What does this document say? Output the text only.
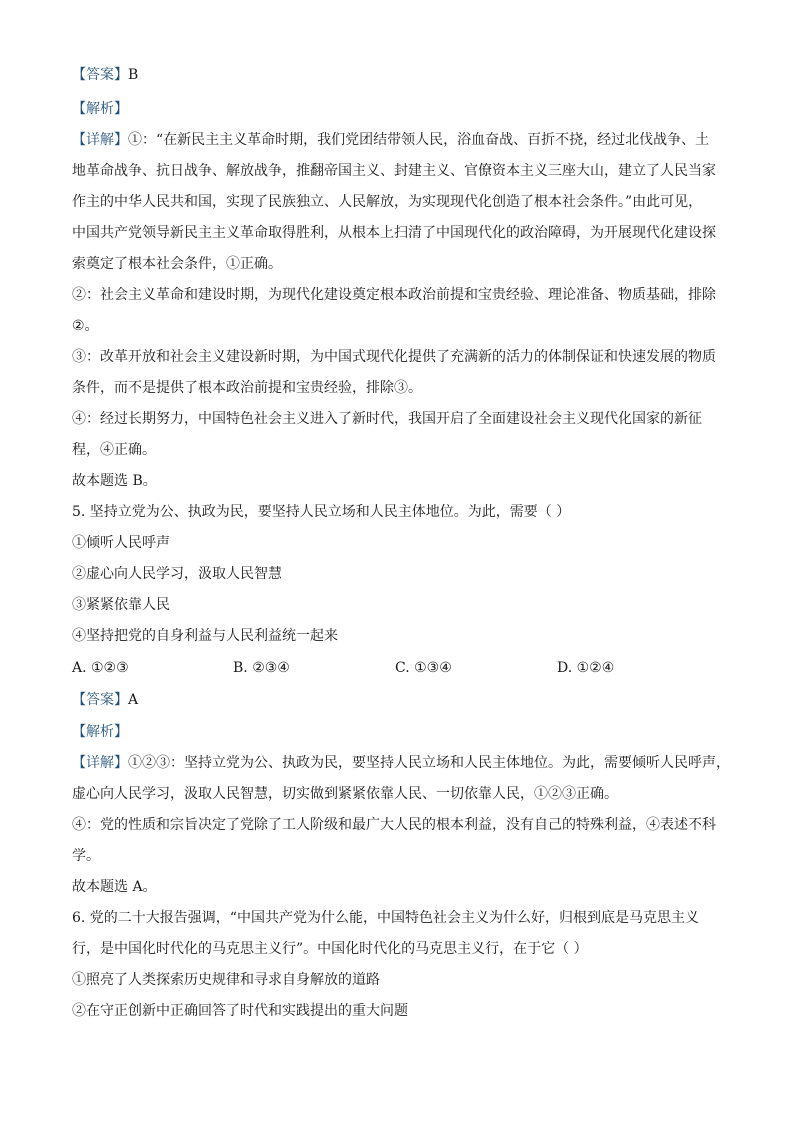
【答案】B
【解析】
【详解】①：“在新民主主义革命时期，我们党团结带领人民，浴血奋战、百折不挠，经过北伐战争、土
地革命战争、抗日战争、解放战争，推翻帝国主义、封建主义、官僚资本主义三座大山，建立了人民当家
作主的中华人民共和国，实现了民族独立、人民解放，为实现现代化创造了根本社会条件。”由此可见，
中国共产党领导新民主主义革命取得胜利，从根本上扫清了中国现代化的政治障碍，为开展现代化建设探
索奠定了根本社会条件，①正确。
②：社会主义革命和建设时期，为现代化建设奠定根本政治前提和宝贵经验、理论准备、物质基础，排除
②。
③：改革开放和社会主义建设新时期，为中国式现代化提供了充满新的活力的体制保证和快速发展的物质
条件，而不是提供了根本政治前提和宝贵经验，排除③。
④：经过长期努力，中国特色社会主义进入了新时代，我国开启了全面建设社会主义现代化国家的新征
程，④正确。
故本题选 B。
5. 坚持立党为公、执政为民，要坚持人民立场和人民主体地位。为此，需要（ ）
①倾听人民呼声
②虚心向人民学习，汲取人民智慧
③紧紧依靠人民
④坚持把党的自身利益与人民利益统一起来
A. ①②③	B. ②③④	C. ①③④	D. ①②④
【答案】A
【解析】
【详解】①②③：坚持立党为公、执政为民，要坚持人民立场和人民主体地位。为此，需要倾听人民呼声，
虚心向人民学习，汲取人民智慧，切实做到紧紧依靠人民、一切依靠人民，①②③正确。
④：党的性质和宗旨决定了党除了工人阶级和最广大人民的根本利益，没有自己的特殊利益，④表述不科
学。
故本题选 A。
6. 党的二十大报告强调，“中国共产党为什么能，中国特色社会主义为什么好，归根到底是马克思主义
行，是中国化时代化的马克思主义行”。中国化时代化的马克思主义行，在于它（ ）
①照亮了人类探索历史规律和寻求自身解放的道路
②在守正创新中正确回答了时代和实践提出的重大问题
